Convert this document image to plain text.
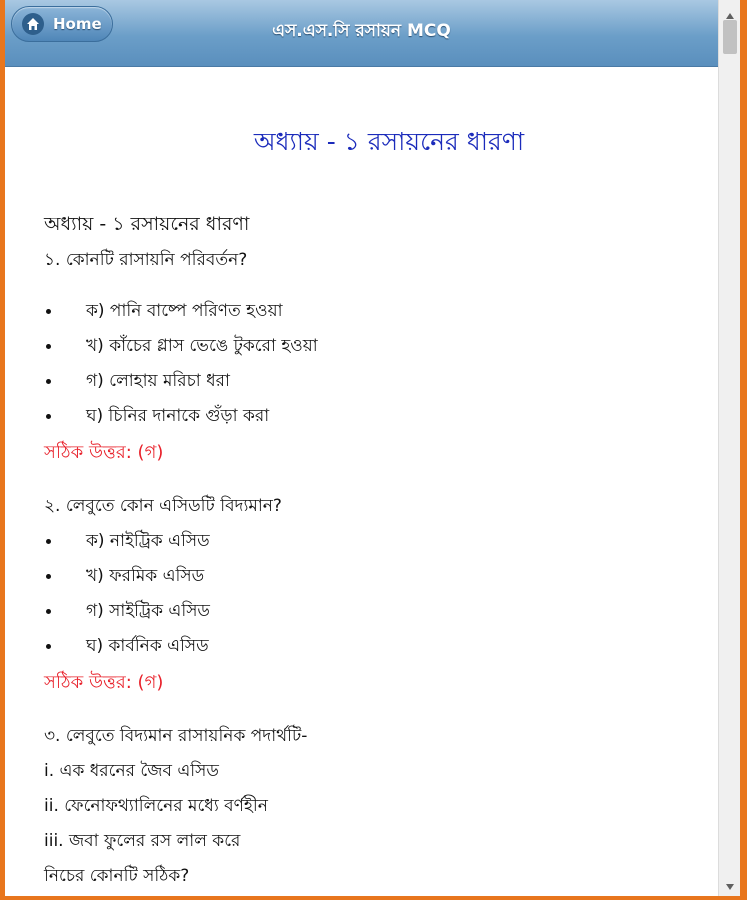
Home	এস.এস.সি রসায়ন MCQ
অধ্যায় - ১ রসায়নের ধারণা
অধ্যায় - ১ রসায়নের ধারণা
১. কোনটি রাসায়নি পরিবর্তন?
ক) পানি বাষ্পে পরিণত হওয়া
খ) কাঁচের গ্লাস ভেঙে টুকরো হওয়া
গ) লোহায় মরিচা ধরা
ঘ) চিনির দানাকে গুঁড়া করা
সঠিক উত্তর: (গ)
২. লেবুতে কোন এসিডটি বিদ্যমান?
ক) নাইট্রিক এসিড
খ) ফরমিক এসিড
গ) সাইট্রিক এসিড
ঘ) কার্বনিক এসিড
সঠিক উত্তর: (গ)
৩. লেবুতে বিদ্যমান রাসায়নিক পদার্থটি-
i. এক ধরনের জৈব এসিড
ii. ফেনোফথ্যালিনের মধ্যে বর্ণহীন
iii. জবা ফুলের রস লাল করে
নিচের কোনটি সঠিক?
